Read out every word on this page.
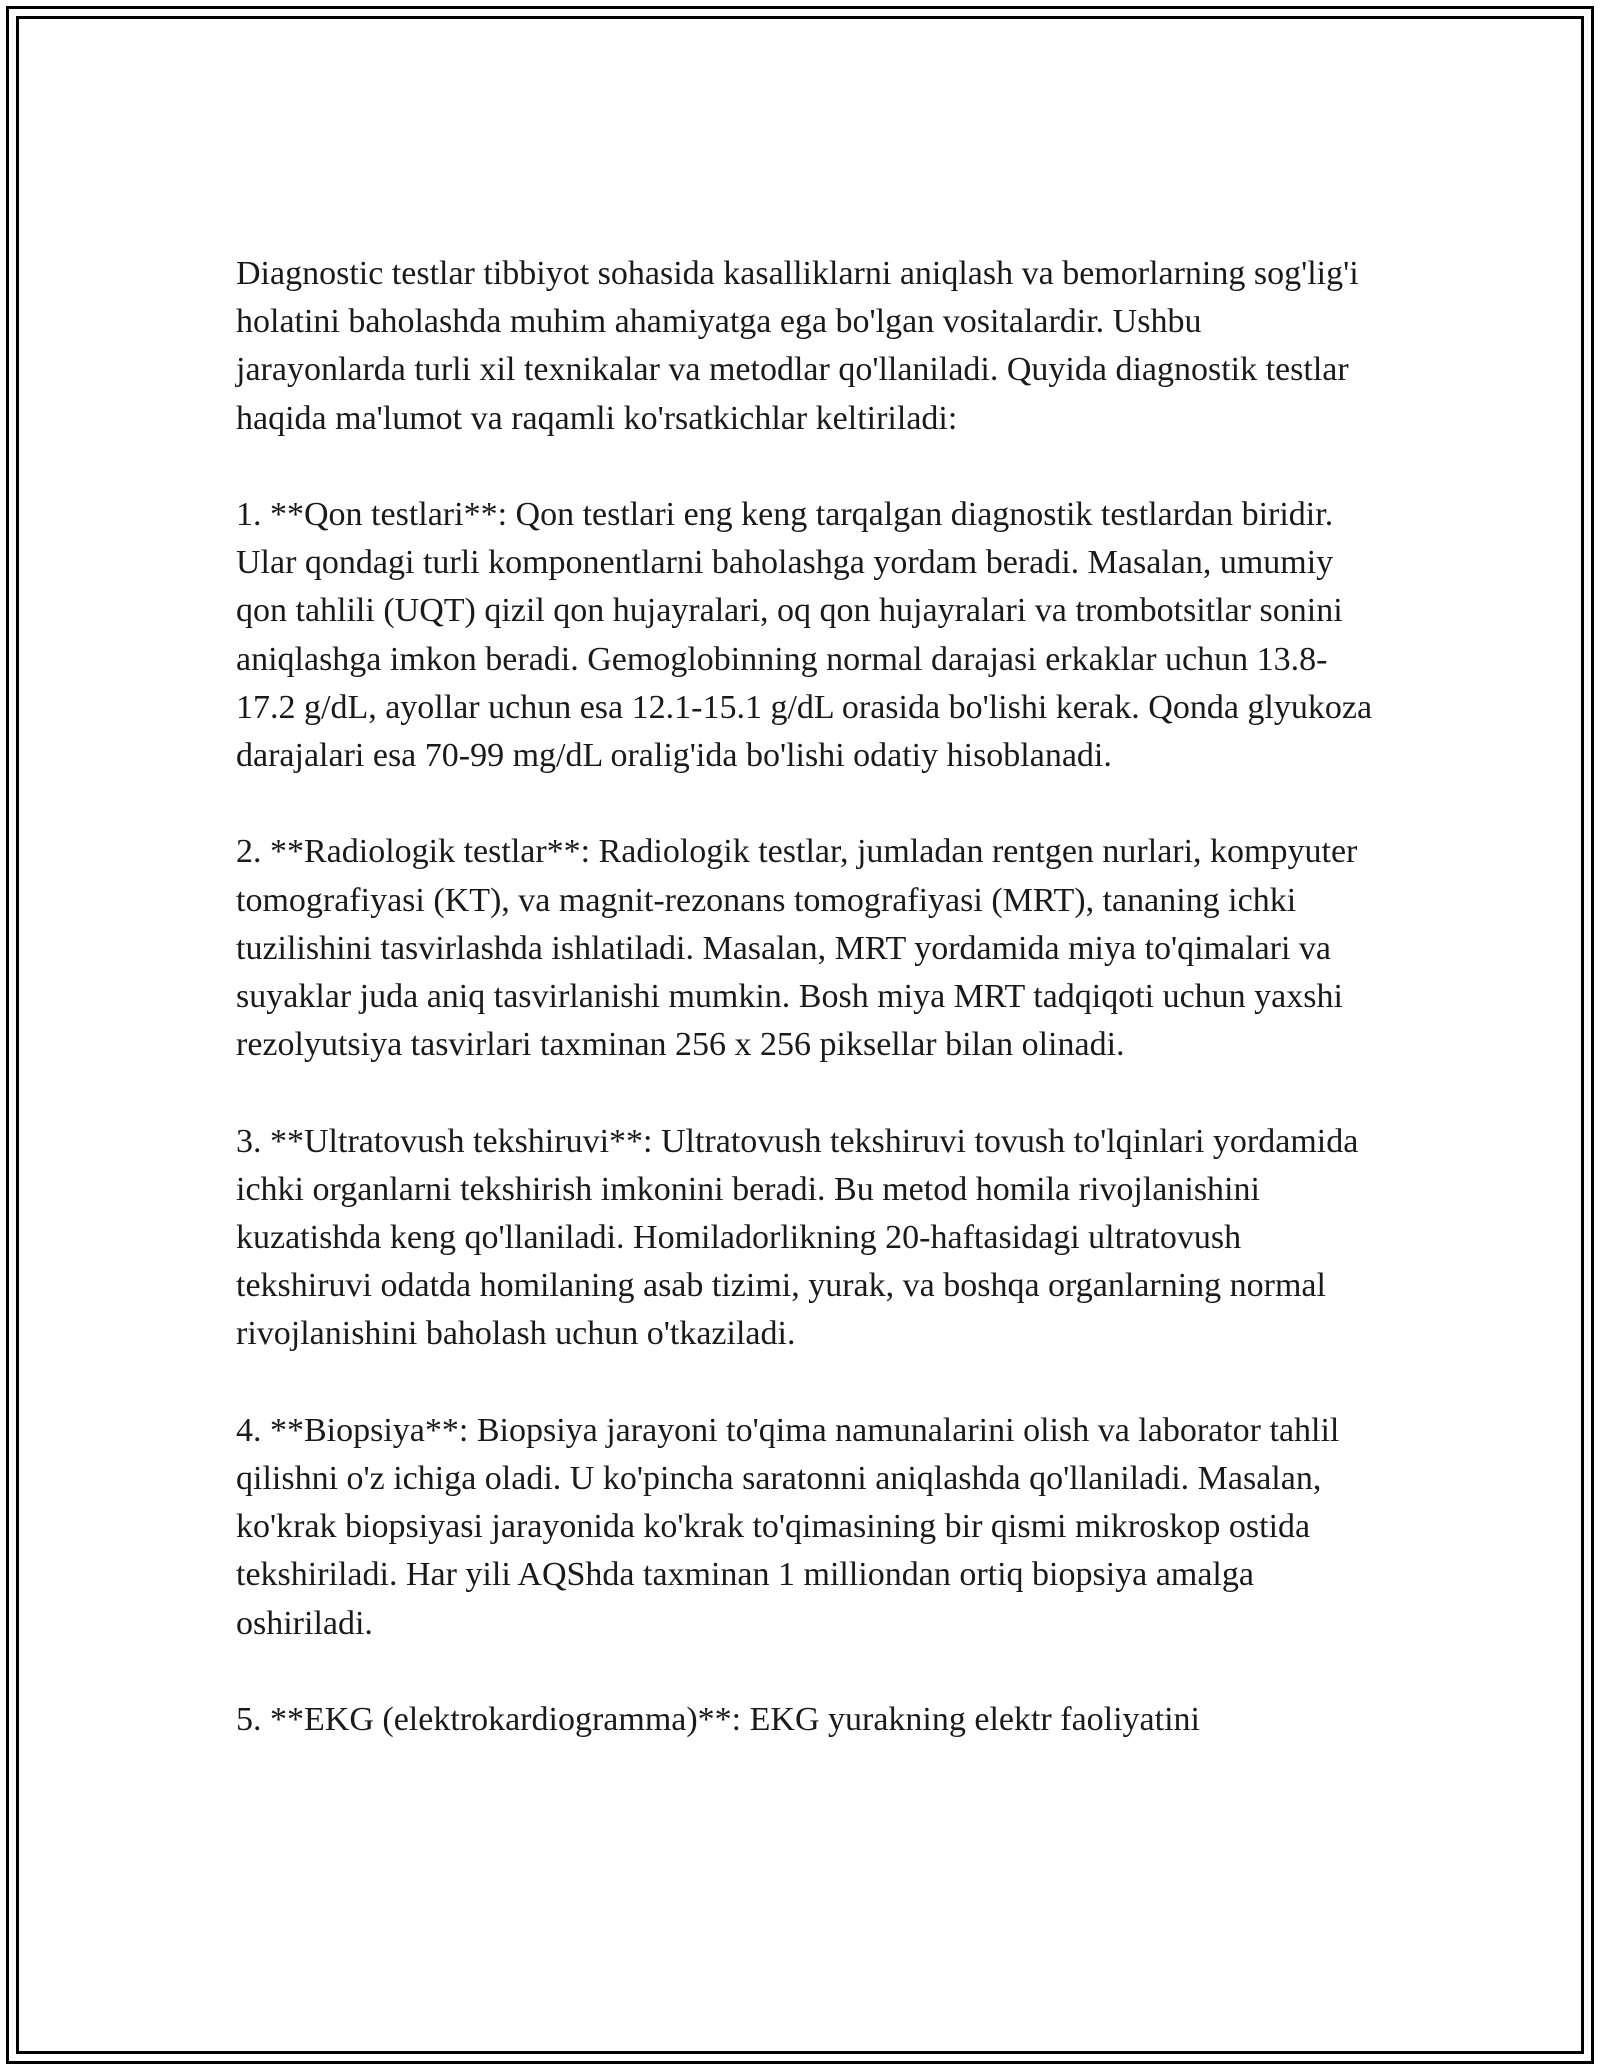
Diagnostic testlar tibbiyot sohasida kasalliklarni aniqlash va bemorlarning sog'lig'i holatini baholashda muhim ahamiyatga ega bo'lgan vositalardir. Ushbu jarayonlarda turli xil texnikalar va metodlar qo'llaniladi. Quyida diagnostik testlar haqida ma'lumot va raqamli ko'rsatkichlar keltiriladi:

1. **Qon testlari**: Qon testlari eng keng tarqalgan diagnostik testlardan biridir. Ular qondagi turli komponentlarni baholashga yordam beradi. Masalan, umumiy qon tahlili (UQT) qizil qon hujayralari, oq qon hujayralari va trombotsitlar sonini aniqlashga imkon beradi. Gemoglobinning normal darajasi erkaklar uchun 13.8-17.2 g/dL, ayollar uchun esa 12.1-15.1 g/dL orasida bo'lishi kerak. Qonda glyukoza darajalari esa 70-99 mg/dL oralig'ida bo'lishi odatiy hisoblanadi.

2. **Radiologik testlar**: Radiologik testlar, jumladan rentgen nurlari, kompyuter tomografiyasi (KT), va magnit-rezonans tomografiyasi (MRT), tananing ichki tuzilishini tasvirlashda ishlatiladi. Masalan, MRT yordamida miya to'qimalari va suyaklar juda aniq tasvirlanishi mumkin. Bosh miya MRT tadqiqoti uchun yaxshi rezolyutsiya tasvirlari taxminan 256 x 256 piksellar bilan olinadi.

3. **Ultratovush tekshiruvi**: Ultratovush tekshiruvi tovush to'lqinlari yordamida ichki organlarni tekshirish imkonini beradi. Bu metod homila rivojlanishini kuzatishda keng qo'llaniladi. Homiladorlikning 20-haftasidagi ultratovush tekshiruvi odatda homilaning asab tizimi, yurak, va boshqa organlarning normal rivojlanishini baholash uchun o'tkaziladi.

4. **Biopsiya**: Biopsiya jarayoni to'qima namunalarini olish va laborator tahlil qilishni o'z ichiga oladi. U ko'pincha saratonni aniqlashda qo'llaniladi. Masalan, ko'krak biopsiyasi jarayonida ko'krak to'qimasining bir qismi mikroskop ostida tekshiriladi. Har yili AQShda taxminan 1 milliondan ortiq biopsiya amalga oshiriladi.

5. **EKG (elektrokardiogramma)**: EKG yurakning elektr faoliyatini
